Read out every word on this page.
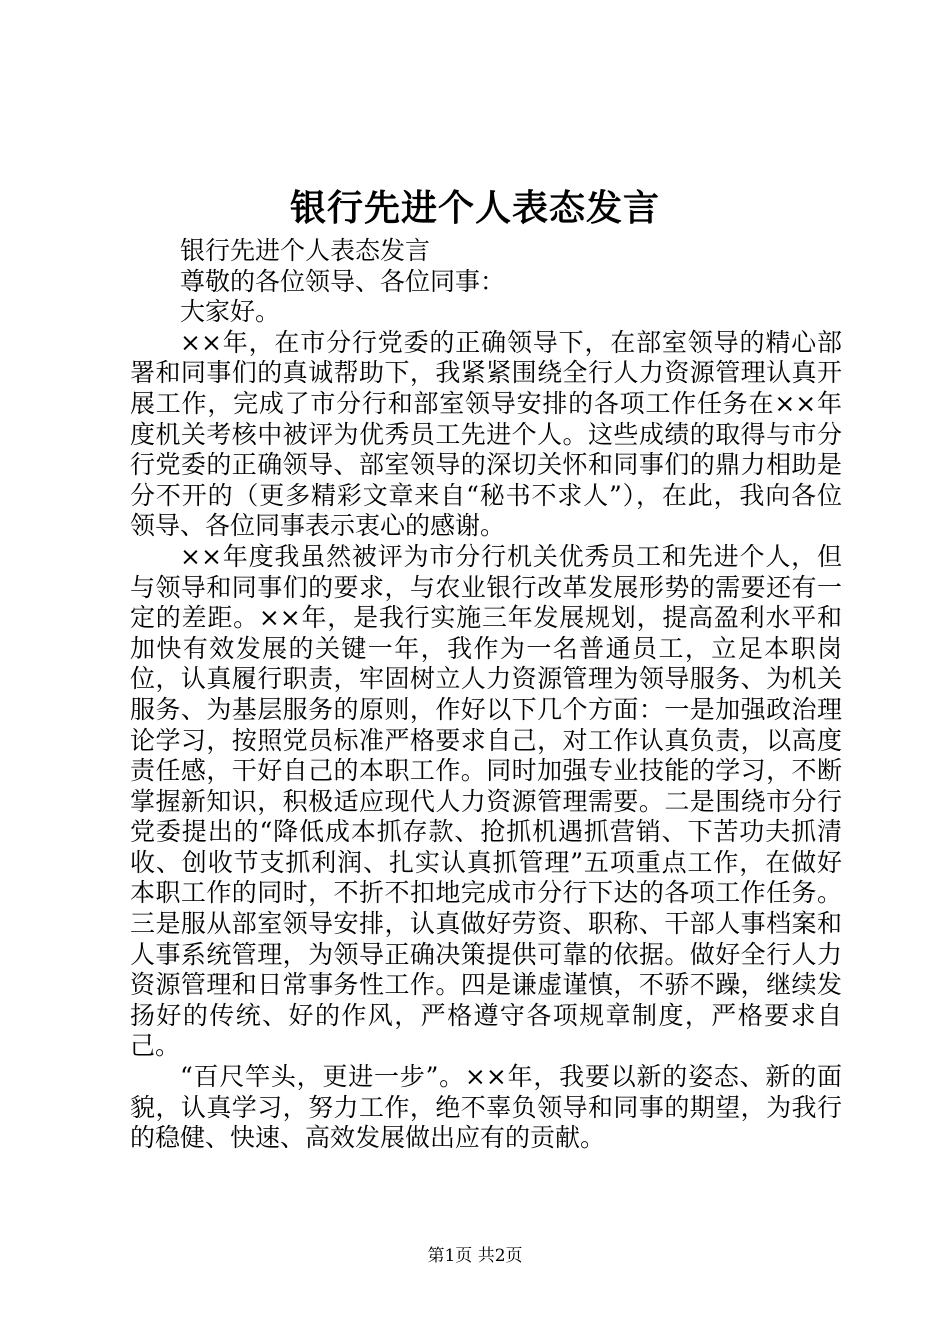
银行先进个人表态发言

银行先进个人表态发言

尊敬的各位领导、各位同事：

大家好。

××年，在市分行党委的正确领导下，在部室领导的精心部署和同事们的真诚帮助下，我紧紧围绕全行人力资源管理认真开展工作，完成了市分行和部室领导安排的各项工作任务在××年度机关考核中被评为优秀员工先进个人。这些成绩的取得与市分行党委的正确领导、部室领导的深切关怀和同事们的鼎力相助是分不开的（更多精彩文章来自“秘书不求人”），在此，我向各位领导、各位同事表示衷心的感谢。

××年度我虽然被评为市分行机关优秀员工和先进个人，但与领导和同事们的要求，与农业银行改革发展形势的需要还有一定的差距。××年，是我行实施三年发展规划，提高盈利水平和加快有效发展的关键一年，我作为一名普通员工，立足本职岗位，认真履行职责，牢固树立人力资源管理为领导服务、为机关服务、为基层服务的原则，作好以下几个方面：一是加强政治理论学习，按照党员标准严格要求自己，对工作认真负责，以高度责任感，干好自己的本职工作。同时加强专业技能的学习，不断掌握新知识，积极适应现代人力资源管理需要。二是围绕市分行党委提出的“降低成本抓存款、抢抓机遇抓营销、下苦功夫抓清收、创收节支抓利润、扎实认真抓管理”五项重点工作，在做好本职工作的同时，不折不扣地完成市分行下达的各项工作任务。三是服从部室领导安排，认真做好劳资、职称、干部人事档案和人事系统管理，为领导正确决策提供可靠的依据。做好全行人力资源管理和日常事务性工作。四是谦虚谨慎，不骄不躁，继续发扬好的传统、好的作风，严格遵守各项规章制度，严格要求自己。

“百尺竿头，更进一步”。××年，我要以新的姿态、新的面貌，认真学习，努力工作，绝不辜负领导和同事的期望，为我行的稳健、快速、高效发展做出应有的贡献。

第1页 共2页
